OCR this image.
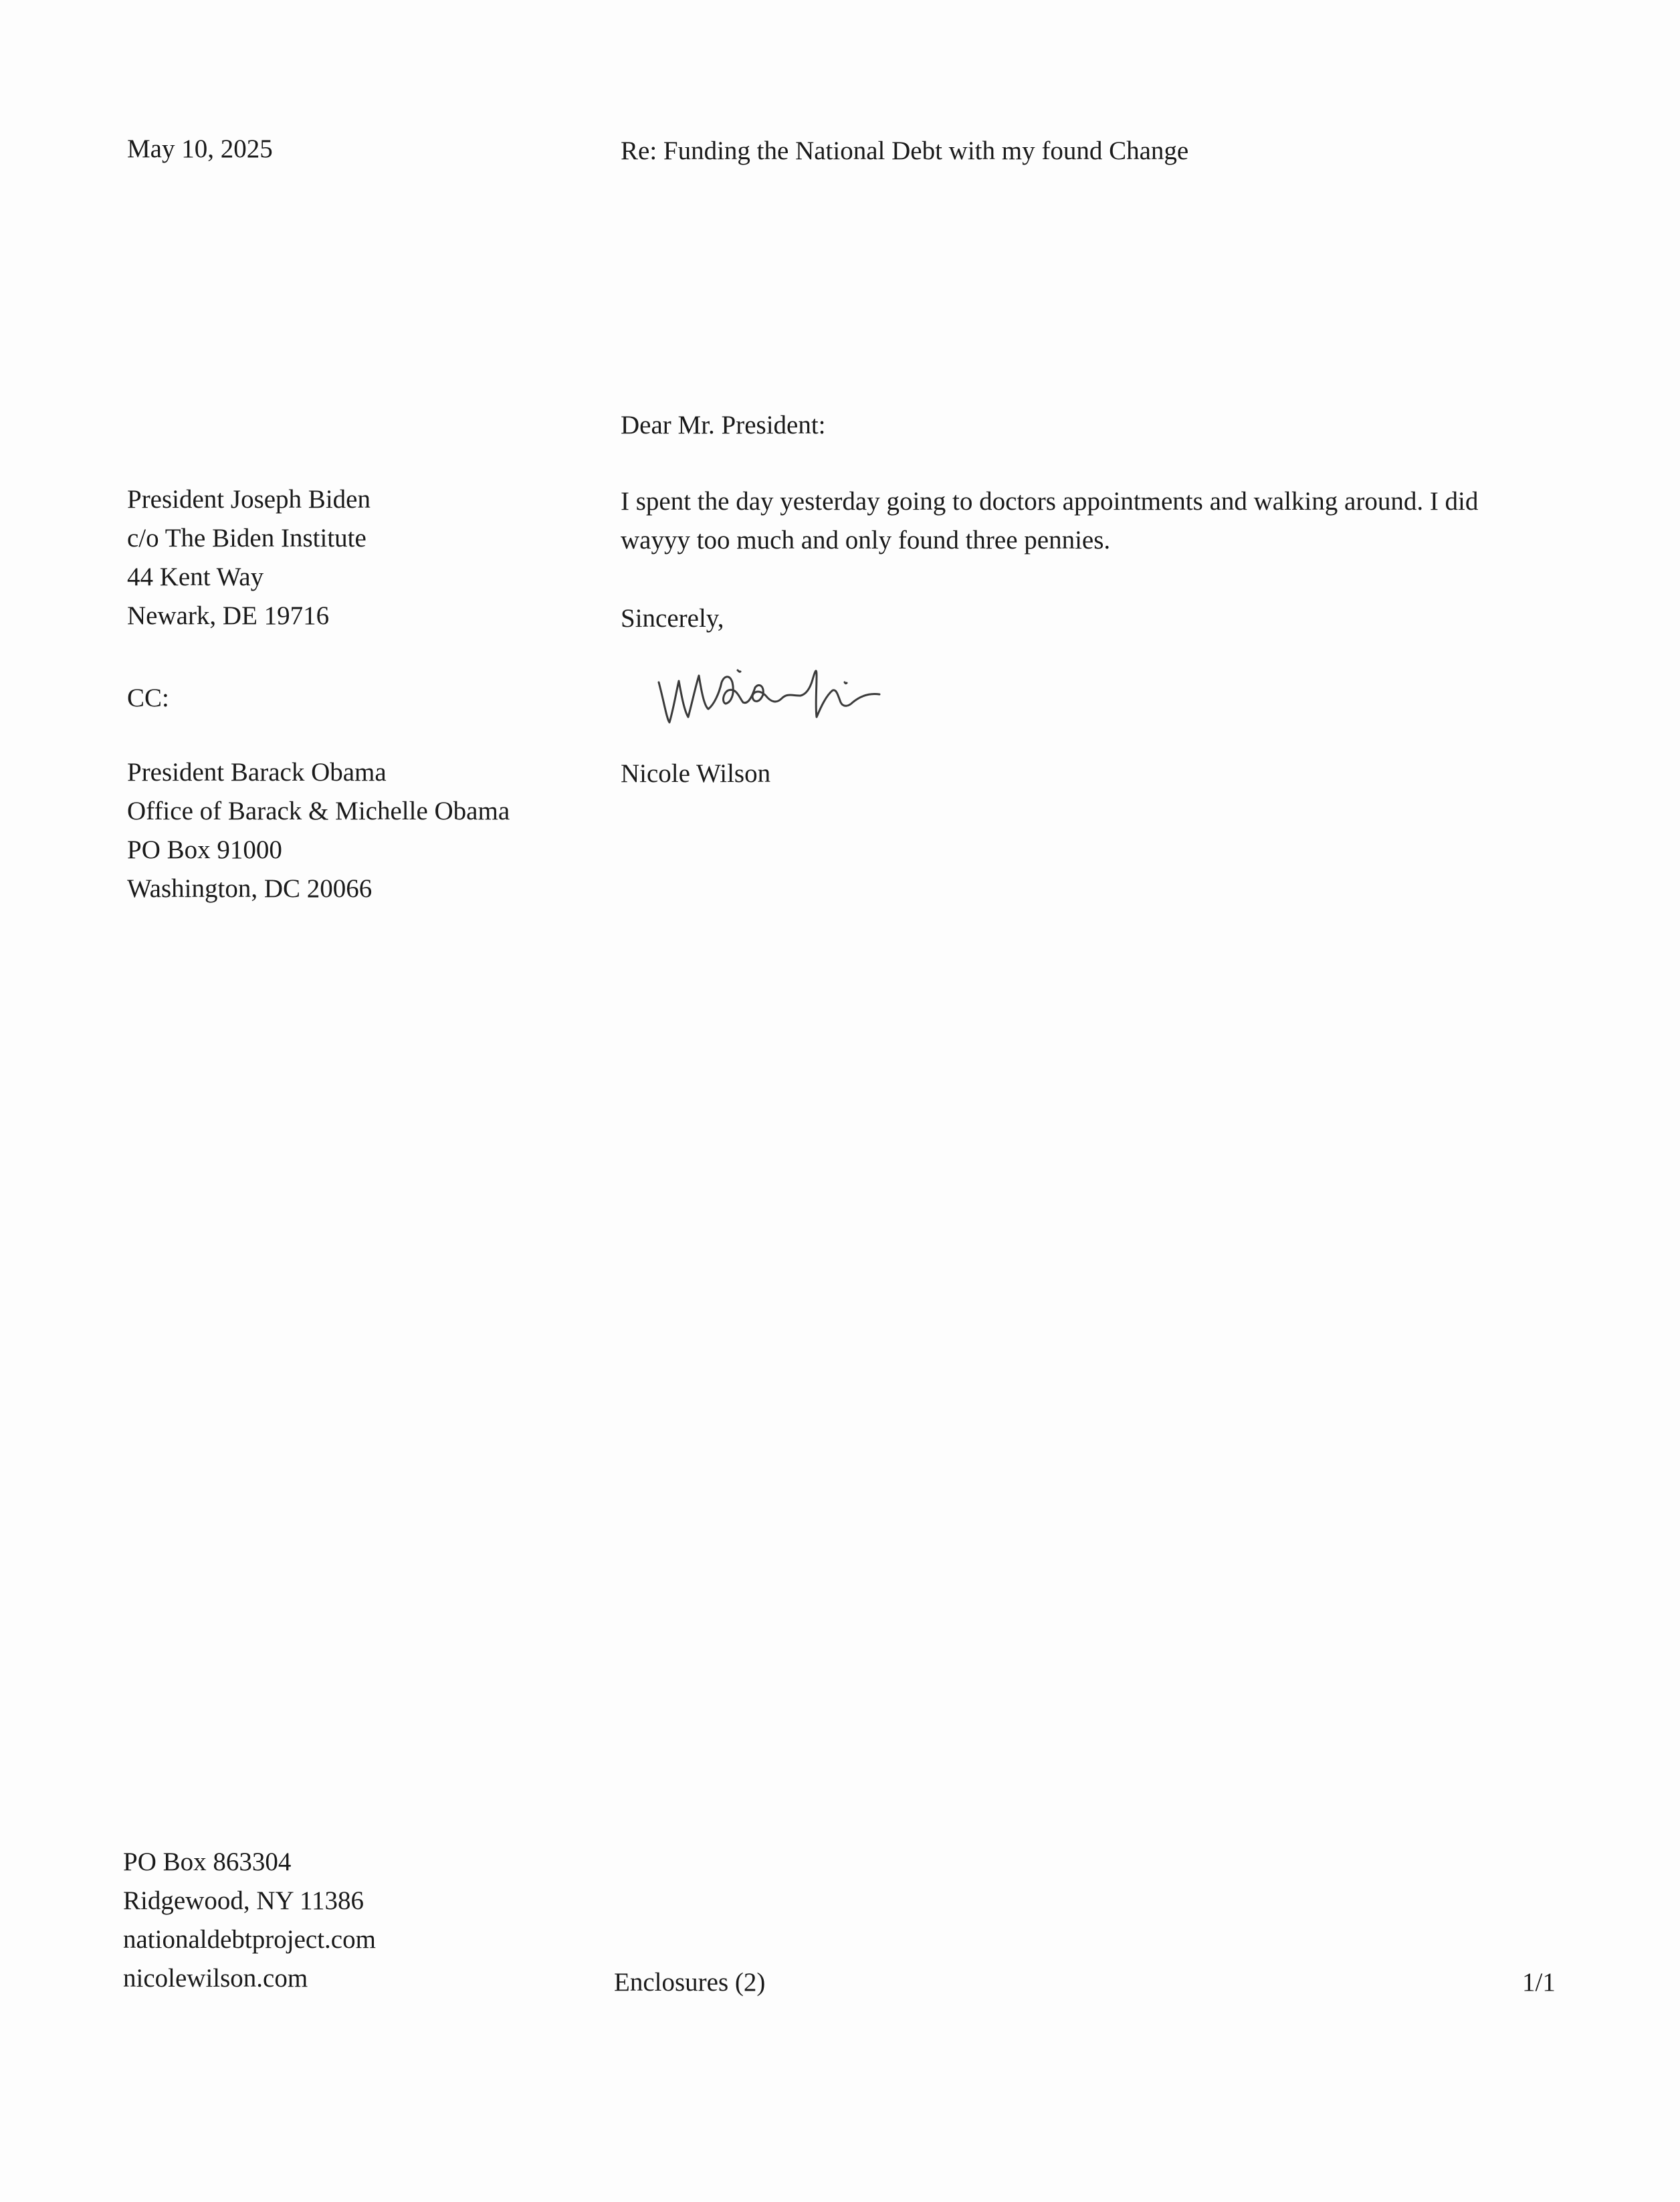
May 10, 2025	Re: Funding the National Debt with my found Change
Dear Mr. President:
President Joseph Biden
c/o The Biden Institute
44 Kent Way
Newark, DE 19716
CC:
President Barack Obama
Office of Barack & Michelle Obama
PO Box 91000
Washington, DC 20066
I spent the day yesterday going to doctors appointments and walking around. I did
wayyy too much and only found three pennies.
Sincerely,
Nicole Wilson
PO Box 863304
Ridgewood, NY 11386
nationaldebtproject.com
nicolewilson.com	Enclosures (2)	1/1
